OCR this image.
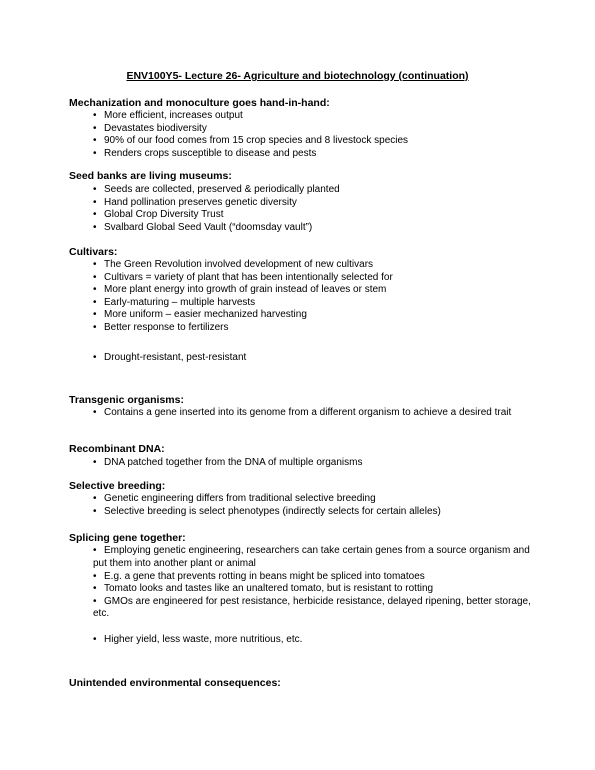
ENV100Y5- Lecture 26- Agriculture and biotechnology (continuation)
Mechanization and monoculture goes hand-in-hand:
• More efficient, increases output
• Devastates biodiversity
• 90% of our food comes from 15 crop species and 8 livestock species
• Renders crops susceptible to disease and pests
Seed banks are living museums:
• Seeds are collected, preserved & periodically planted
• Hand pollination preserves genetic diversity
• Global Crop Diversity Trust
• Svalbard Global Seed Vault (“doomsday vault”)
Cultivars:
• The Green Revolution involved development of new cultivars
• Cultivars = variety of plant that has been intentionally selected for
• More plant energy into growth of grain instead of leaves or stem
• Early-maturing – multiple harvests
• More uniform – easier mechanized harvesting
• Better response to fertilizers
• Drought-resistant, pest-resistant
Transgenic organisms:
• Contains a gene inserted into its genome from a different organism to achieve a desired trait
Recombinant DNA:
• DNA patched together from the DNA of multiple organisms
Selective breeding:
• Genetic engineering differs from traditional selective breeding
• Selective breeding is select phenotypes (indirectly selects for certain alleles)
Splicing gene together:
• Employing genetic engineering, researchers can take certain genes from a source organism and put them into another plant or animal
• E.g. a gene that prevents rotting in beans might be spliced into tomatoes
• Tomato looks and tastes like an unaltered tomato, but is resistant to rotting
• GMOs are engineered for pest resistance, herbicide resistance, delayed ripening, better storage, etc.
• Higher yield, less waste, more nutritious, etc.
Unintended environmental consequences:
